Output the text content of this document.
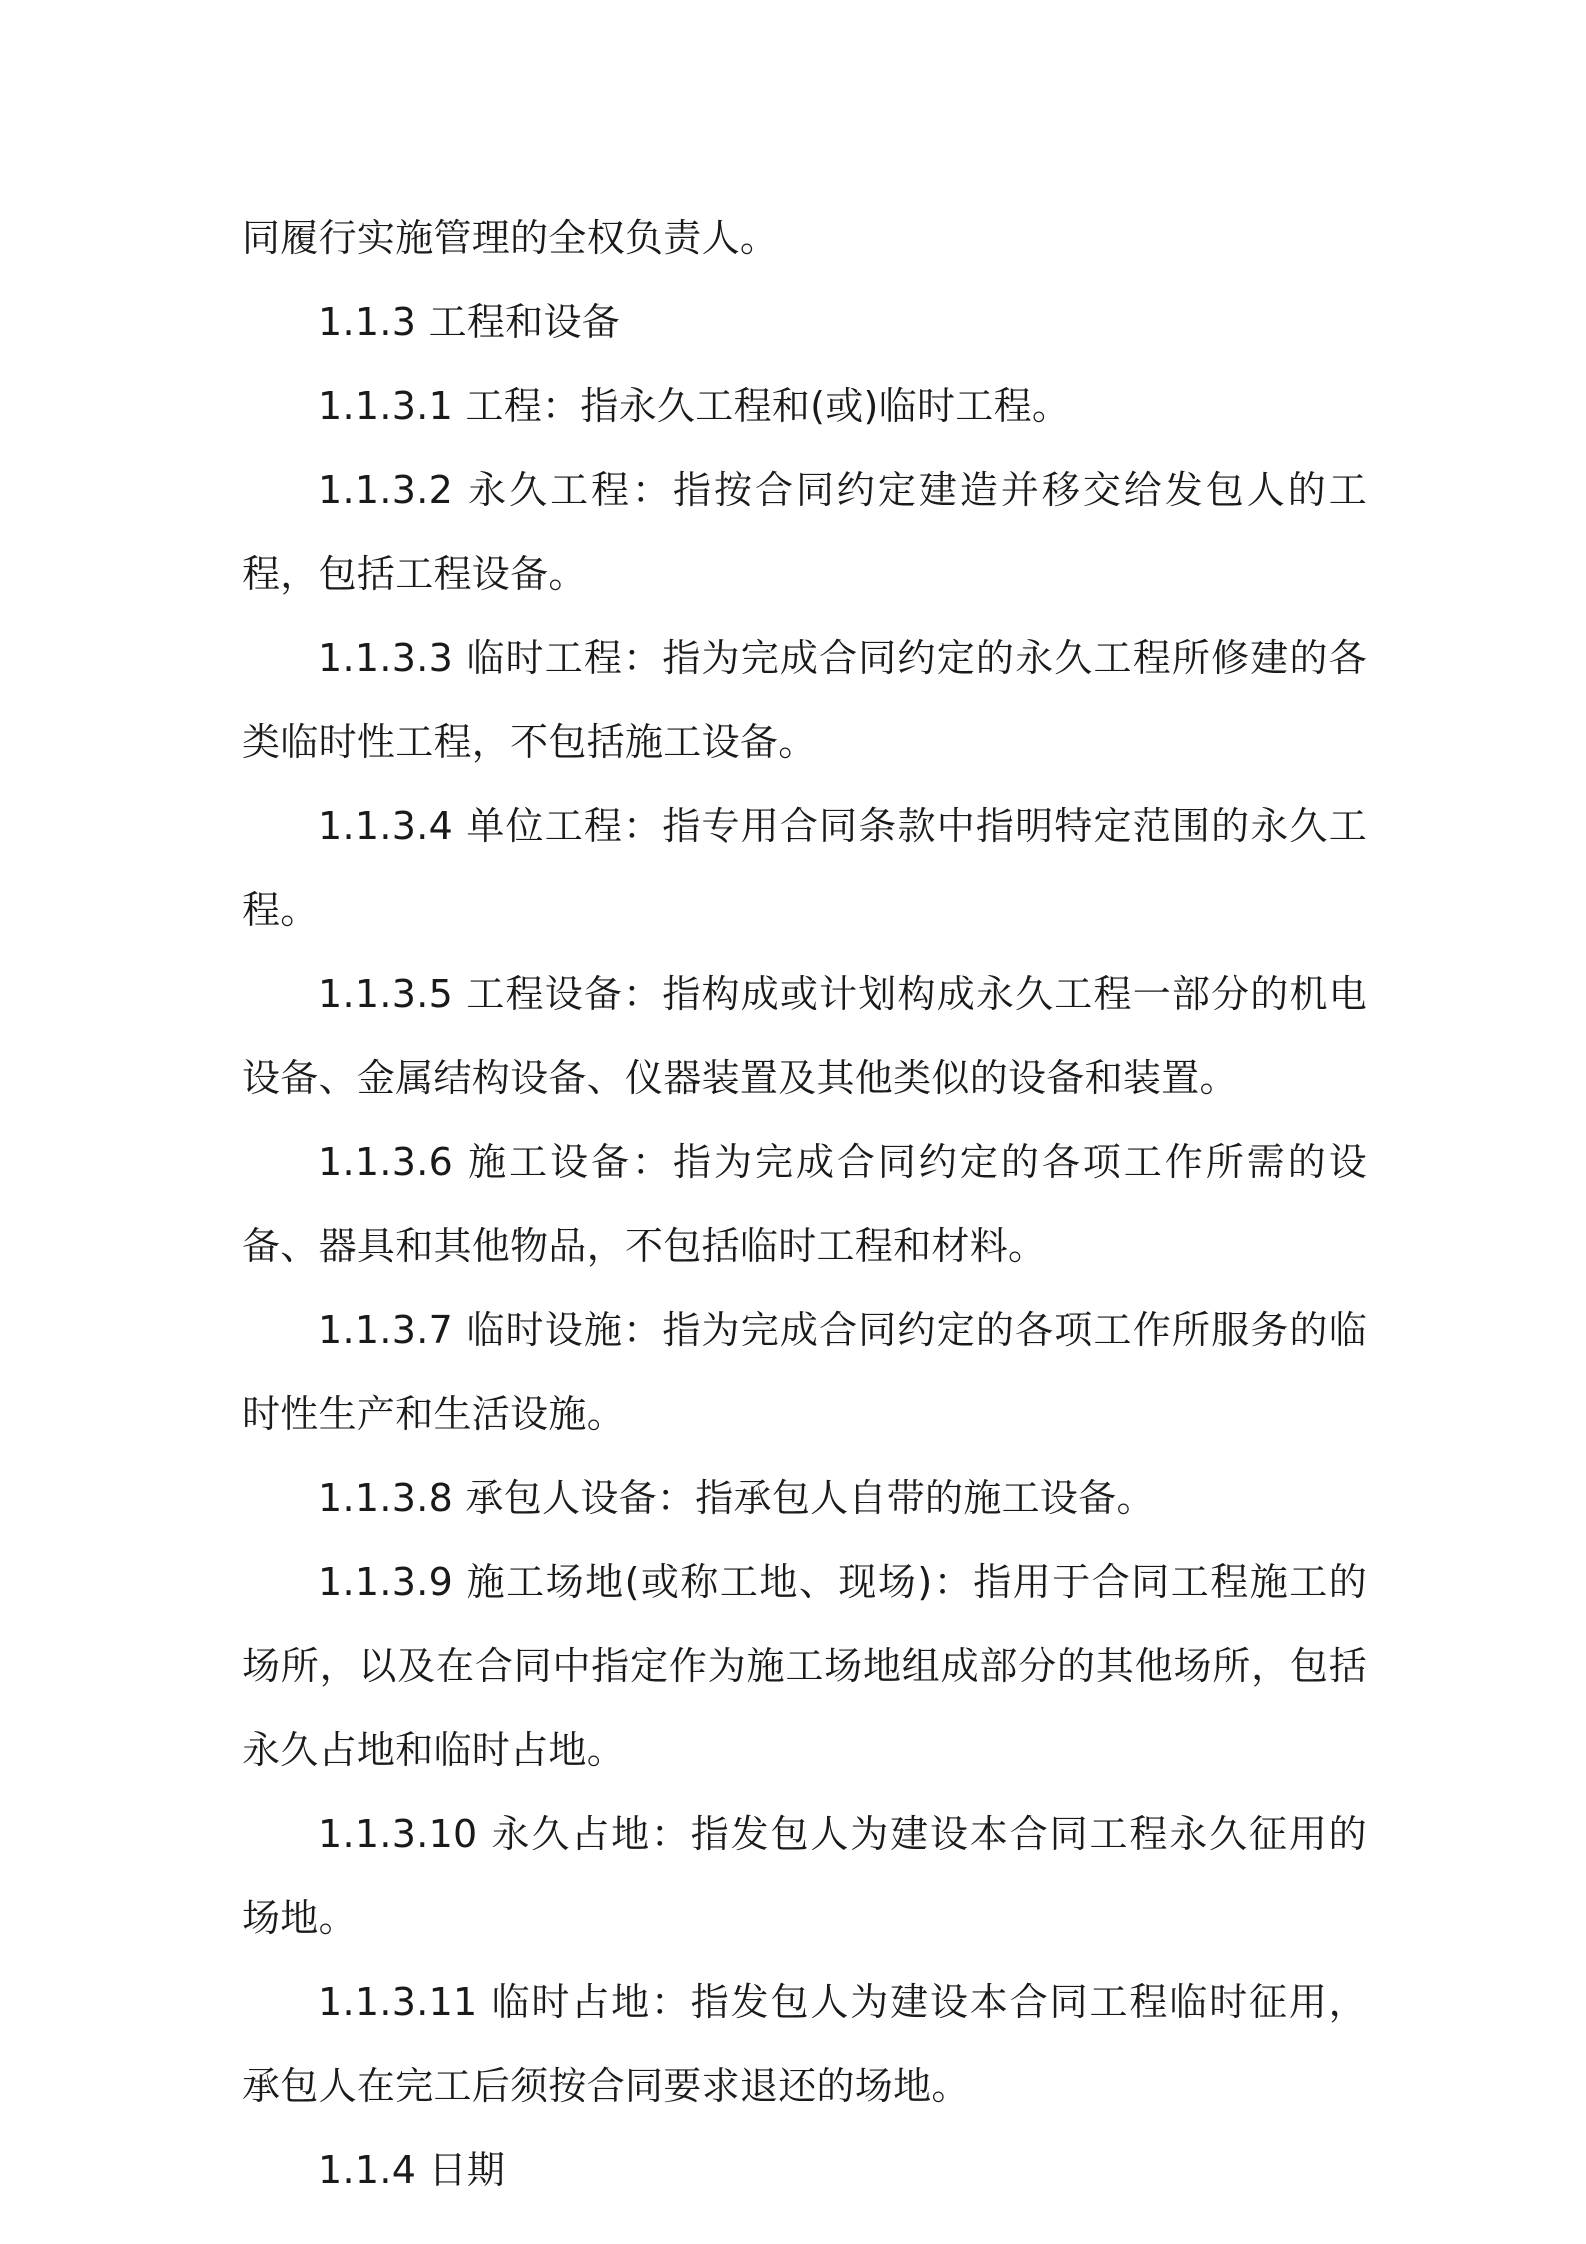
同履行实施管理的全权负责人。

1.1.3 工程和设备

1.1.3.1 工程：指永久工程和(或)临时工程。

1.1.3.2 永久工程：指按合同约定建造并移交给发包人的工程，包括工程设备。

1.1.3.3 临时工程：指为完成合同约定的永久工程所修建的各类临时性工程，不包括施工设备。

1.1.3.4 单位工程：指专用合同条款中指明特定范围的永久工程。

1.1.3.5 工程设备：指构成或计划构成永久工程一部分的机电设备、金属结构设备、仪器装置及其他类似的设备和装置。

1.1.3.6 施工设备：指为完成合同约定的各项工作所需的设备、器具和其他物品，不包括临时工程和材料。

1.1.3.7 临时设施：指为完成合同约定的各项工作所服务的临时性生产和生活设施。

1.1.3.8 承包人设备：指承包人自带的施工设备。

1.1.3.9 施工场地(或称工地、现场)：指用于合同工程施工的场所，以及在合同中指定作为施工场地组成部分的其他场所，包括永久占地和临时占地。

1.1.3.10 永久占地：指发包人为建设本合同工程永久征用的场地。

1.1.3.11 临时占地：指发包人为建设本合同工程临时征用，承包人在完工后须按合同要求退还的场地。

1.1.4 日期
